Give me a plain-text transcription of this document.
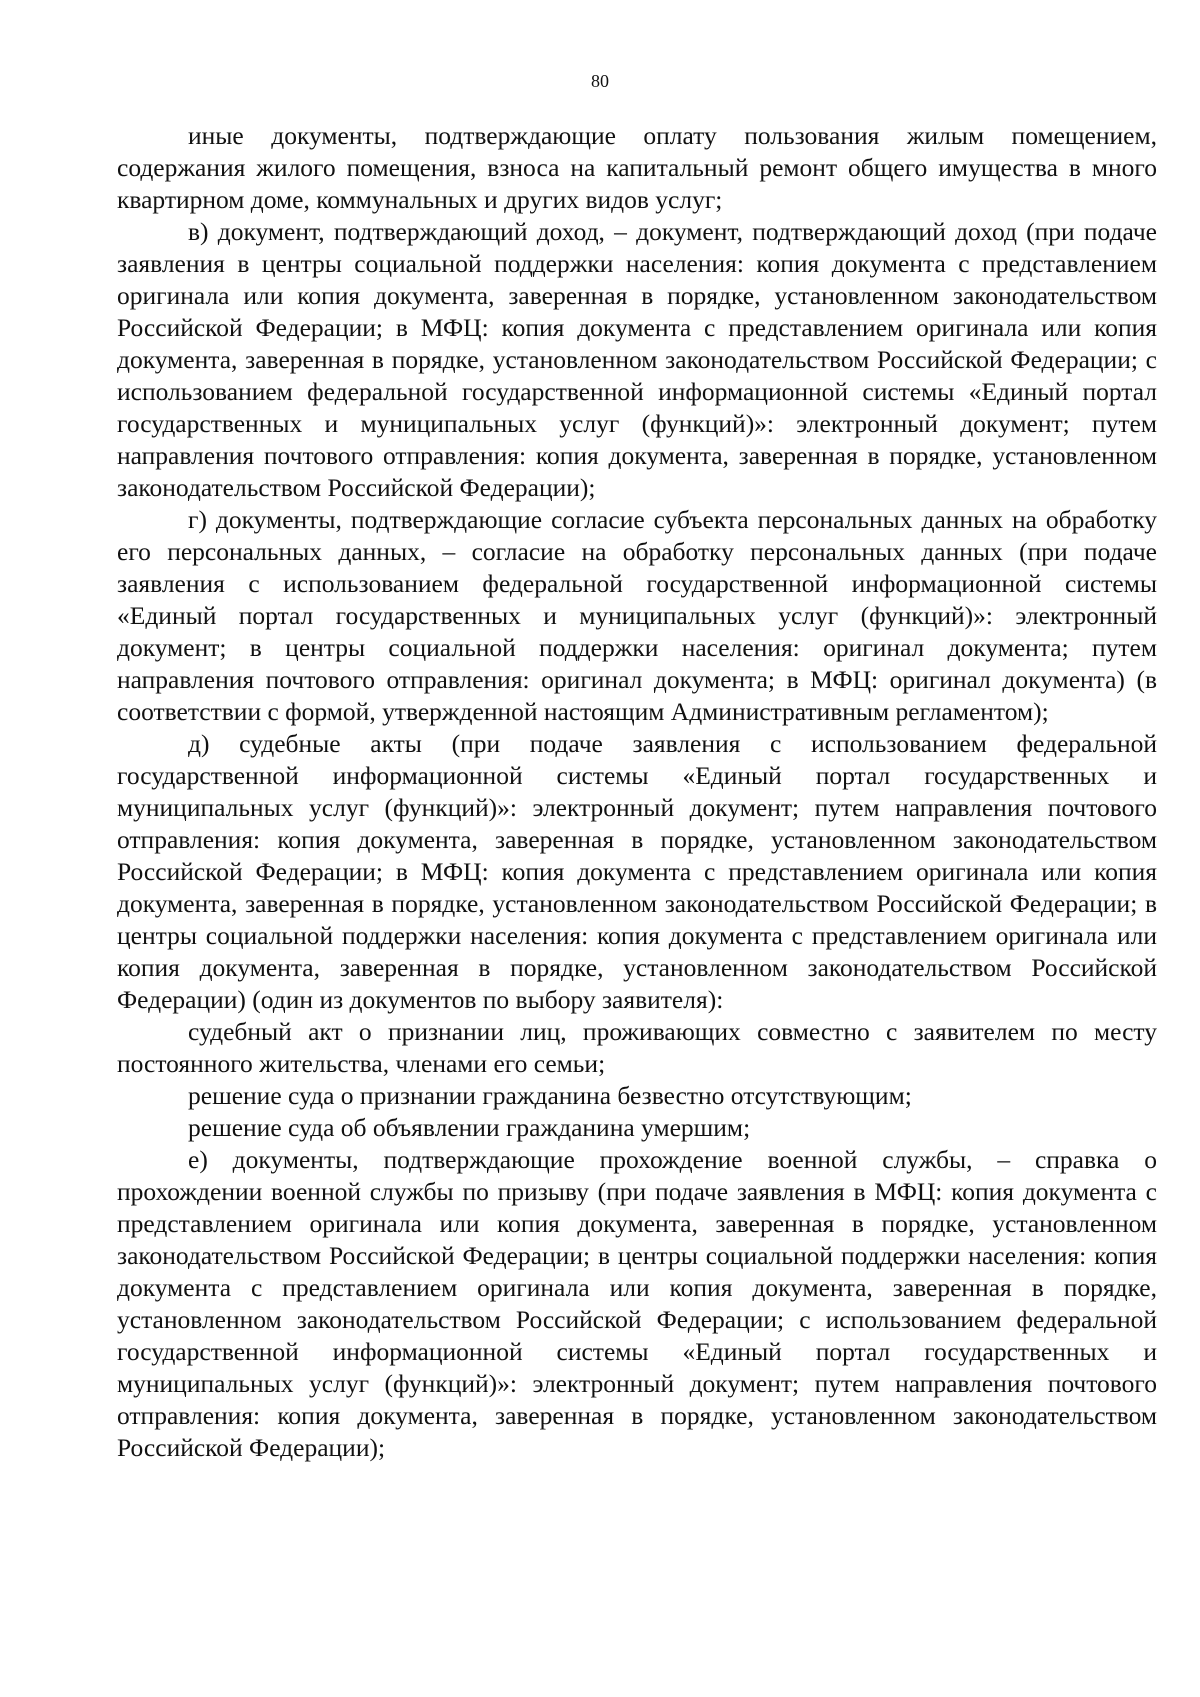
80

иные документы, подтверждающие оплату пользования жилым помещением, содержания жилого помещения, взноса на капитальный ремонт общего имущества в много квартирном доме, коммунальных и других видов услуг;

в) документ, подтверждающий доход, – документ, подтверждающий доход (при подаче заявления в центры социальной поддержки населения: копия документа с представлением оригинала или копия документа, заверенная в порядке, установленном законодательством Российской Федерации; в МФЦ: копия документа с представлением оригинала или копия документа, заверенная в порядке, установленном законодательством Российской Федерации; с использованием федеральной государственной информационной системы «Единый портал государственных и муниципальных услуг (функций)»: электронный документ; путем направления почтового отправления: копия документа, заверенная в порядке, установленном законодательством Российской Федерации);

г) документы, подтверждающие согласие субъекта персональных данных на обработку его персональных данных, – согласие на обработку персональных данных (при подаче заявления с использованием федеральной государственной информационной системы «Единый портал государственных и муниципальных услуг (функций)»: электронный документ; в центры социальной поддержки населения: оригинал документа; путем направления почтового отправления: оригинал документа; в МФЦ: оригинал документа) (в соответствии с формой, утвержденной настоящим Административным регламентом);

д) судебные акты (при подаче заявления с использованием федеральной государственной информационной системы «Единый портал государственных и муниципальных услуг (функций)»: электронный документ; путем направления почтового отправления: копия документа, заверенная в порядке, установленном законодательством Российской Федерации; в МФЦ: копия документа с представлением оригинала или копия документа, заверенная в порядке, установленном законодательством Российской Федерации; в центры социальной поддержки населения: копия документа с представлением оригинала или копия документа, заверенная в порядке, установленном законодательством Российской Федерации) (один из документов по выбору заявителя):

судебный акт о признании лиц, проживающих совместно с заявителем по месту постоянного жительства, членами его семьи;

решение суда о признании гражданина безвестно отсутствующим;

решение суда об объявлении гражданина умершим;

е) документы, подтверждающие прохождение военной службы, – справка о прохождении военной службы по призыву (при подаче заявления в МФЦ: копия документа с представлением оригинала или копия документа, заверенная в порядке, установленном законодательством Российской Федерации; в центры социальной поддержки населения: копия документа с представлением оригинала или копия документа, заверенная в порядке, установленном законодательством Российской Федерации; с использованием федеральной государственной информационной системы «Единый портал государственных и муниципальных услуг (функций)»: электронный документ; путем направления почтового отправления: копия документа, заверенная в порядке, установленном законодательством Российской Федерации);
